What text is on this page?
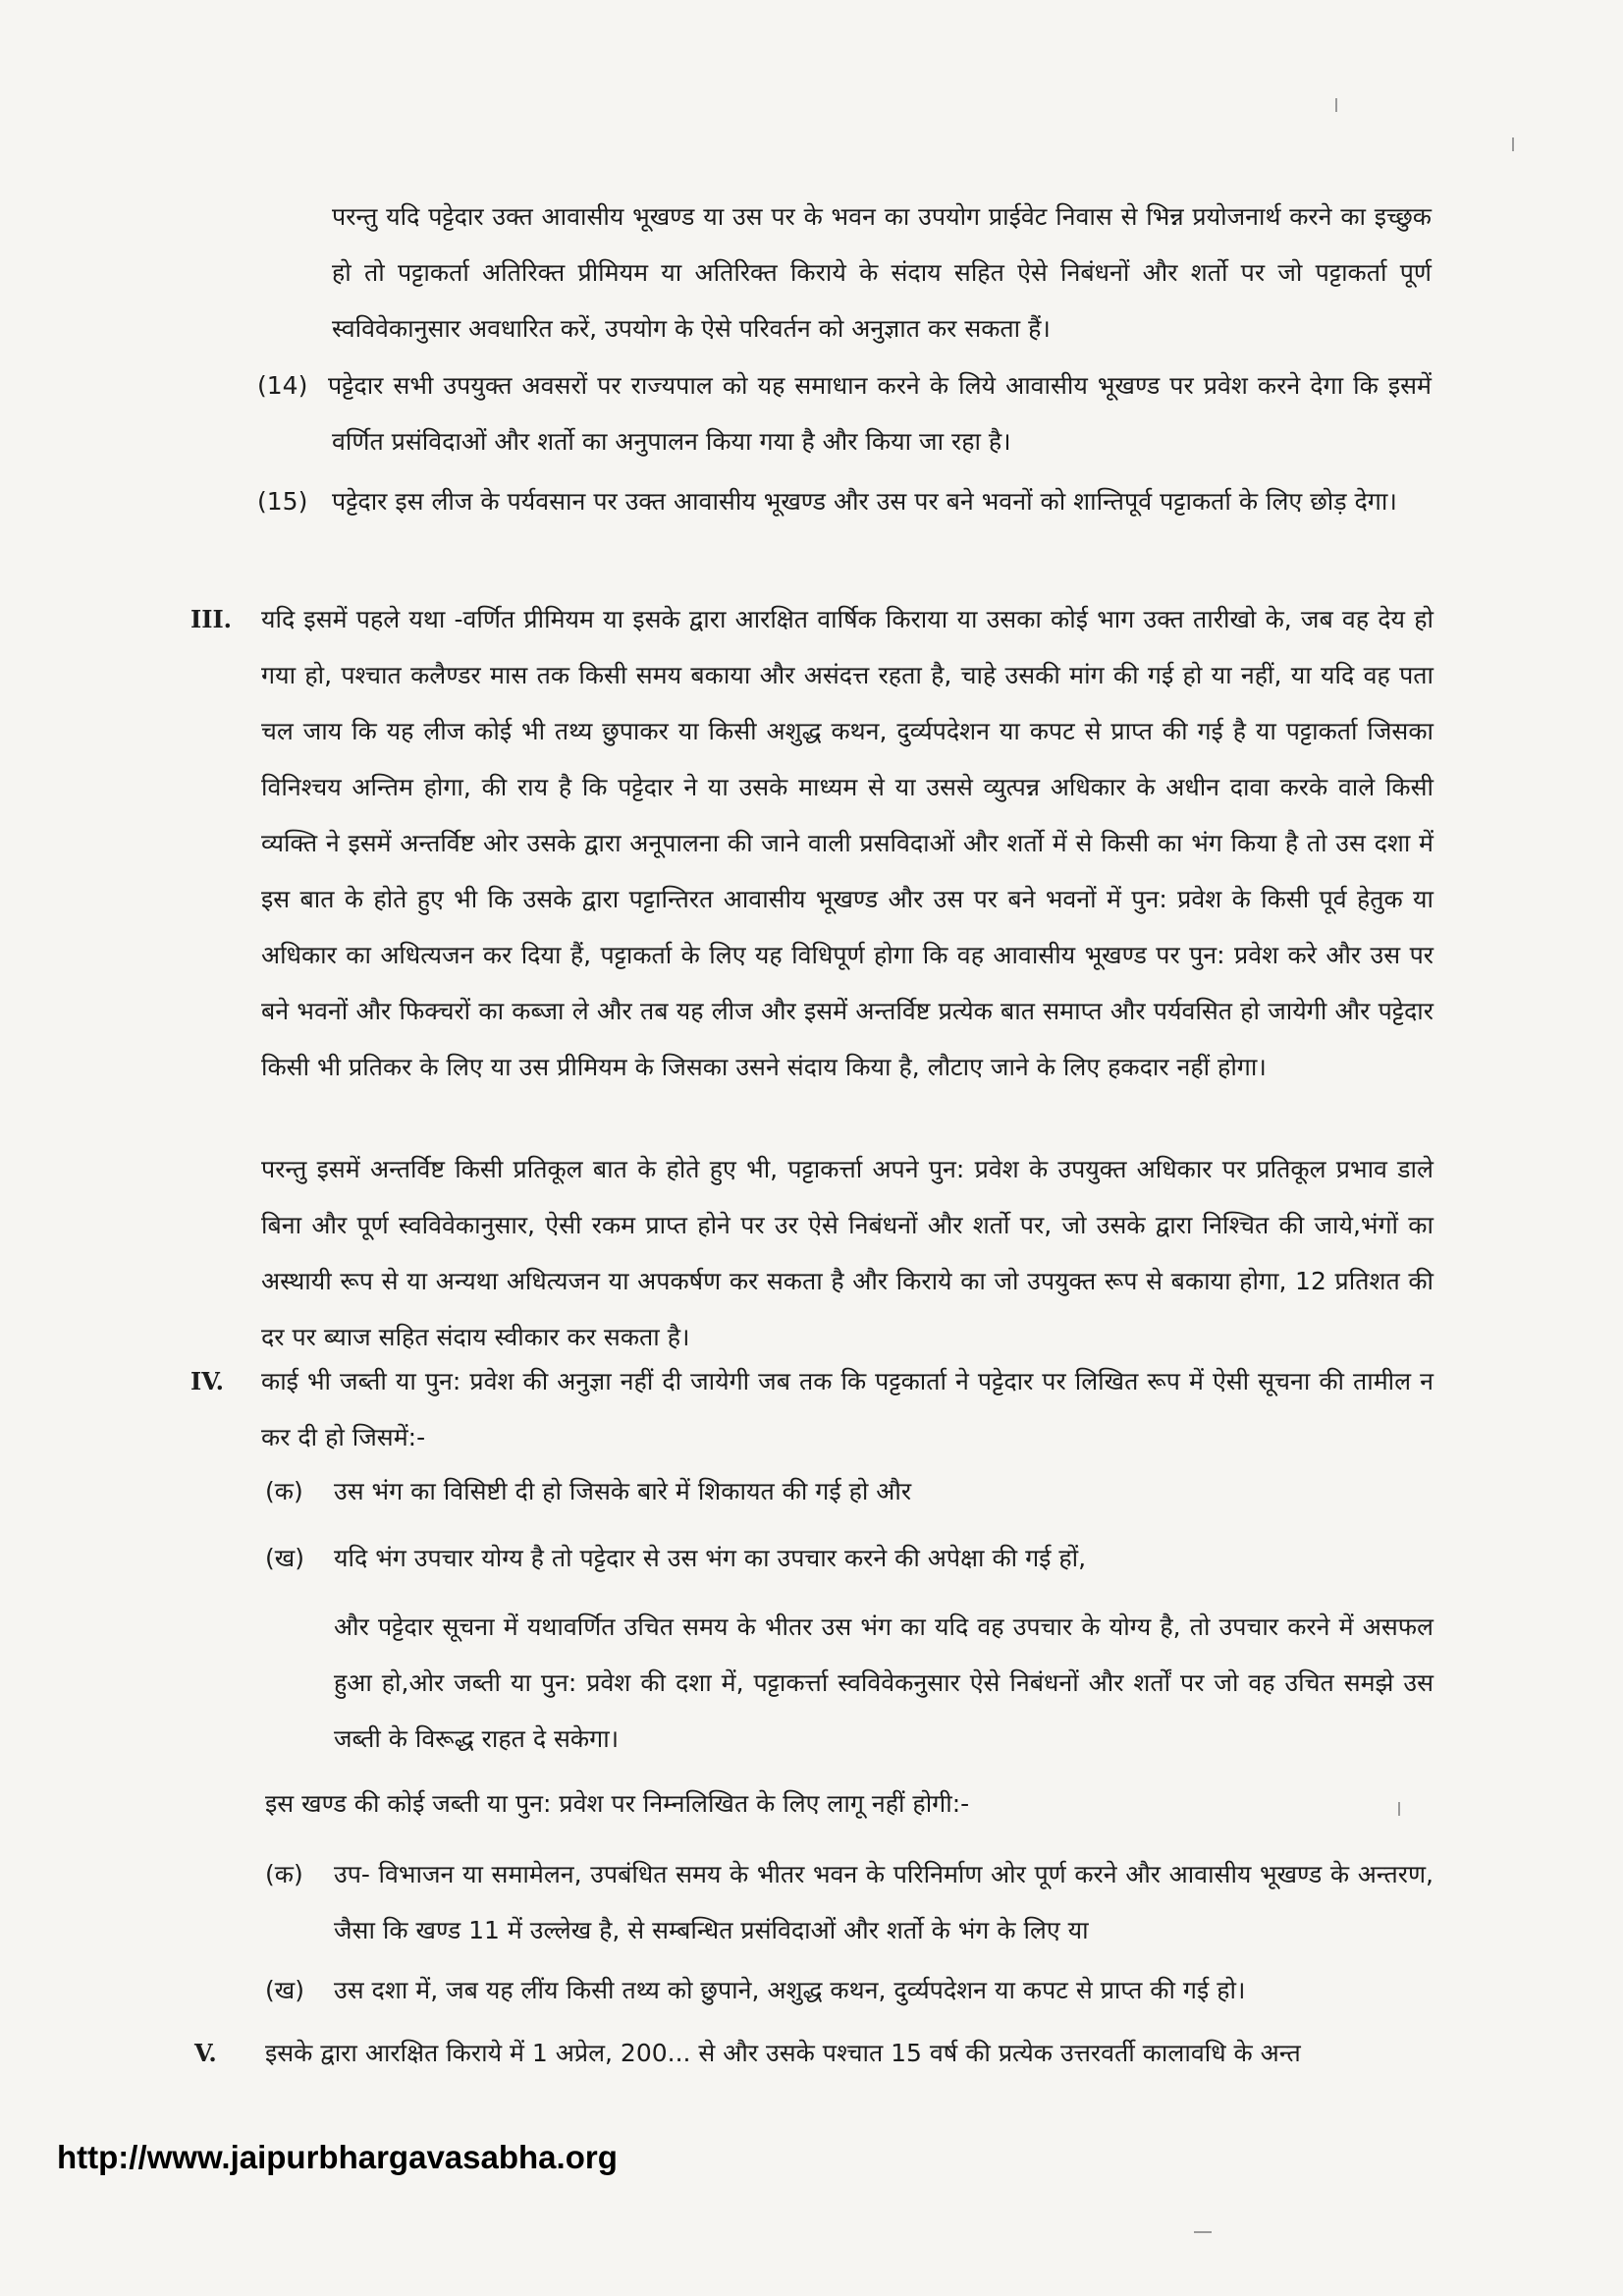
परन्तु यदि पट्टेदार उक्त आवासीय भूखण्ड या उस पर के भवन का उपयोग प्राईवेट निवास से भिन्न प्रयोजनार्थ करने का इच्छुक हो तो पट्टाकर्ता अतिरिक्त प्रीमियम या अतिरिक्त किराये के संदाय सहित ऐसे निबंधनों और शर्तो पर जो पट्टाकर्ता पूर्ण स्वविवेकानुसार अवधारित करें, उपयोग के ऐसे परिवर्तन को अनुज्ञात कर सकता हैं।

(14) पट्टेदार सभी उपयुक्त अवसरों पर राज्यपाल को यह समाधान करने के लिये आवासीय भूखण्ड पर प्रवेश करने देगा कि इसमें वर्णित प्रसंविदाओं और शर्तो का अनुपालन किया गया है और किया जा रहा है।

(15) पट्टेदार इस लीज के पर्यवसान पर उक्त आवासीय भूखण्ड और उस पर बने भवनों को शान्तिपूर्व पट्टाकर्ता के लिए छोड़ देगा।

III. यदि इसमें पहले यथा -वर्णित प्रीमियम या इसके द्वारा आरक्षित वार्षिक किराया या उसका कोई भाग उक्त तारीखो के, जब वह देय हो गया हो, पश्चात कलैण्डर मास तक किसी समय बकाया और असंदत्त रहता है, चाहे उसकी मांग की गई हो या नहीं, या यदि वह पता चल जाय कि यह लीज कोई भी तथ्य छुपाकर या किसी अशुद्ध कथन, दुर्व्यपदेशन या कपट से प्राप्त की गई है या पट्टाकर्ता जिसका विनिश्चय अन्तिम होगा, की राय है कि पट्टेदार ने या उसके माध्यम से या उससे व्युत्पन्न अधिकार के अधीन दावा करके वाले किसी व्यक्ति ने इसमें अन्तर्विष्ट ओर उसके द्वारा अनूपालना की जाने वाली प्रसविदाओं और शर्तो में से किसी का भंग किया है तो उस दशा में इस बात के होते हुए भी कि उसके द्वारा पट्टान्तिरत आवासीय भूखण्ड और उस पर बने भवनों में पुन: प्रवेश के किसी पूर्व हेतुक या अधिकार का अधित्यजन कर दिया हैं, पट्टाकर्ता के लिए यह विधिपूर्ण होगा कि वह आवासीय भूखण्ड पर पुन: प्रवेश करे और उस पर बने भवनों और फिक्चरों का कब्जा ले और तब यह लीज और इसमें अन्तर्विष्ट प्रत्येक बात समाप्त और पर्यवसित हो जायेगी और पट्टेदार किसी भी प्रतिकर के लिए या उस प्रीमियम के जिसका उसने संदाय किया है, लौटाए जाने के लिए हकदार नहीं होगा।

परन्तु इसमें अन्तर्विष्ट किसी प्रतिकूल बात के होते हुए भी, पट्टाकर्त्ता अपने पुन: प्रवेश के उपयुक्त अधिकार पर प्रतिकूल प्रभाव डाले बिना और पूर्ण स्वविवेकानुसार, ऐसी रकम प्राप्त होने पर उर ऐसे निबंधनों और शर्तो पर, जो उसके द्वारा निश्चित की जाये,भंगों का अस्थायी रूप से या अन्यथा अधित्यजन या अपकर्षण कर सकता है और किराये का जो उपयुक्त रूप से बकाया होगा, 12 प्रतिशत की दर पर ब्याज सहित संदाय स्वीकार कर सकता है।

IV. काई भी जब्ती या पुन: प्रवेश की अनुज्ञा नहीं दी जायेगी जब तक कि पट्टकार्ता ने पट्टेदार पर लिखित रूप में ऐसी सूचना की तामील न कर दी हो जिसमें:-

(क) उस भंग का विसिष्टी दी हो जिसके बारे में शिकायत की गई हो और

(ख) यदि भंग उपचार योग्य है तो पट्टेदार से उस भंग का उपचार करने की अपेक्षा की गई हों,

और पट्टेदार सूचना में यथावर्णित उचित समय के भीतर उस भंग का यदि वह उपचार के योग्य है, तो उपचार करने में असफल हुआ हो,ओर जब्ती या पुन: प्रवेश की दशा में, पट्टाकर्त्ता स्वविवेकनुसार ऐसे निबंधनों और शर्तों पर जो वह उचित समझे उस जब्ती के विरूद्ध राहत दे सकेगा।

इस खण्ड की कोई जब्ती या पुन: प्रवेश पर निम्नलिखित के लिए लागू नहीं होगी:-

(क) उप- विभाजन या समामेलन, उपबंधित समय के भीतर भवन के परिनिर्माण ओर पूर्ण करने और आवासीय भूखण्ड के अन्तरण, जैसा कि खण्ड 11 में उल्लेख है, से सम्बन्धित प्रसंविदाओं और शर्तो के भंग के लिए या

(ख) उस दशा में, जब यह लींय किसी तथ्य को छुपाने, अशुद्ध कथन, दुर्व्यपदेशन या कपट से प्राप्त की गई हो।

V. इसके द्वारा आरक्षित किराये में 1 अप्रेल, 200... से और उसके पश्चात 15 वर्ष की प्रत्येक उत्तरवर्ती कालावधि के अन्त

http://www.jaipurbhargavasabha.org
